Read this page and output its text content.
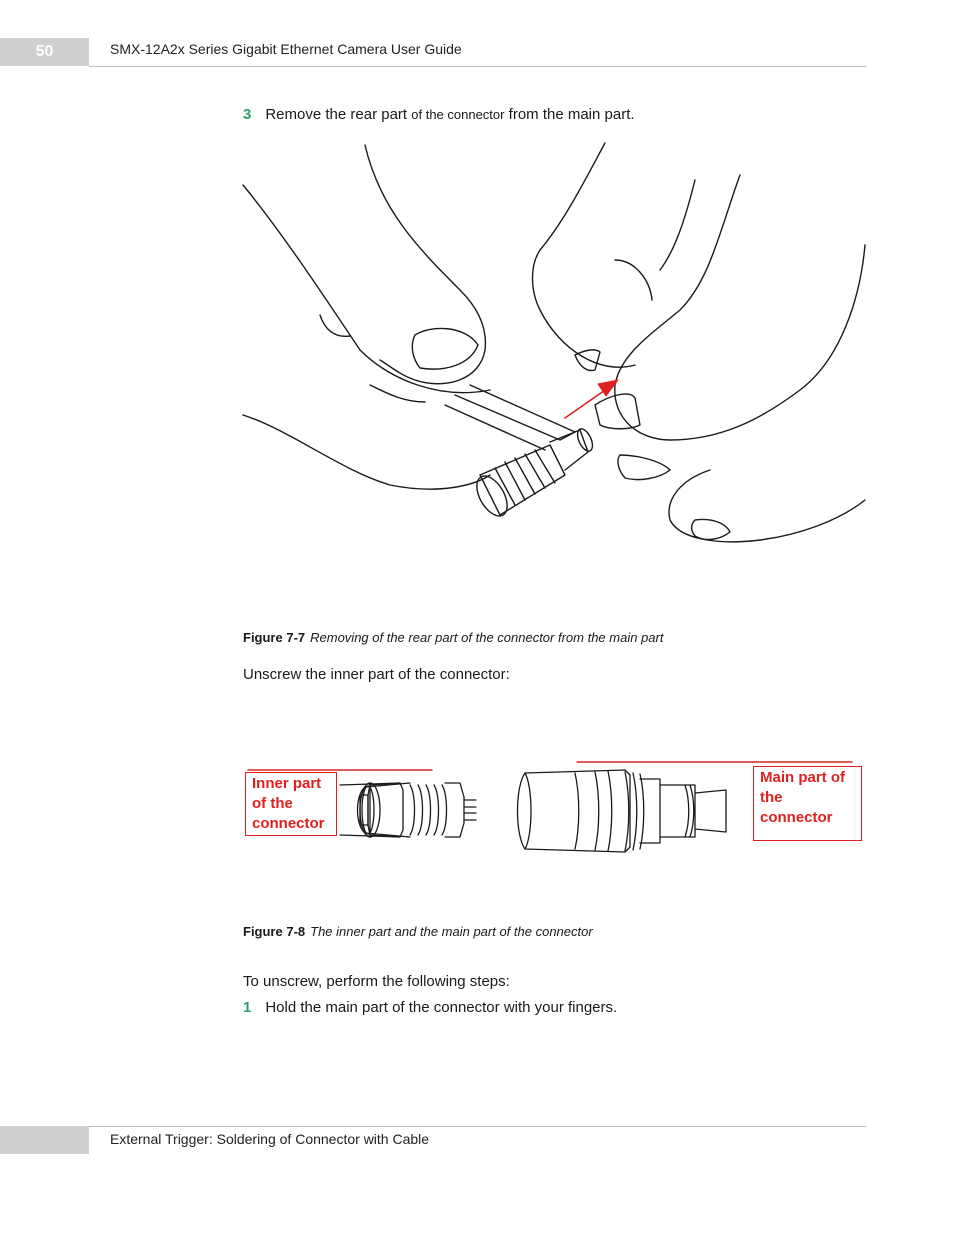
50	SMX-12A2x Series Gigabit Ethernet Camera User Guide
3 Remove the rear part of the connector from the main part.
Figure 7-7 Removing of the rear part of the connector from the main part
Unscrew the inner part of the connector:
Inner part
of the
connector
Main part of
the
connector
Figure 7-8 The inner part and the main part of the connector
To unscrew, perform the following steps:
1 Hold the main part of the connector with your fingers.
External Trigger: Soldering of Connector with Cable
